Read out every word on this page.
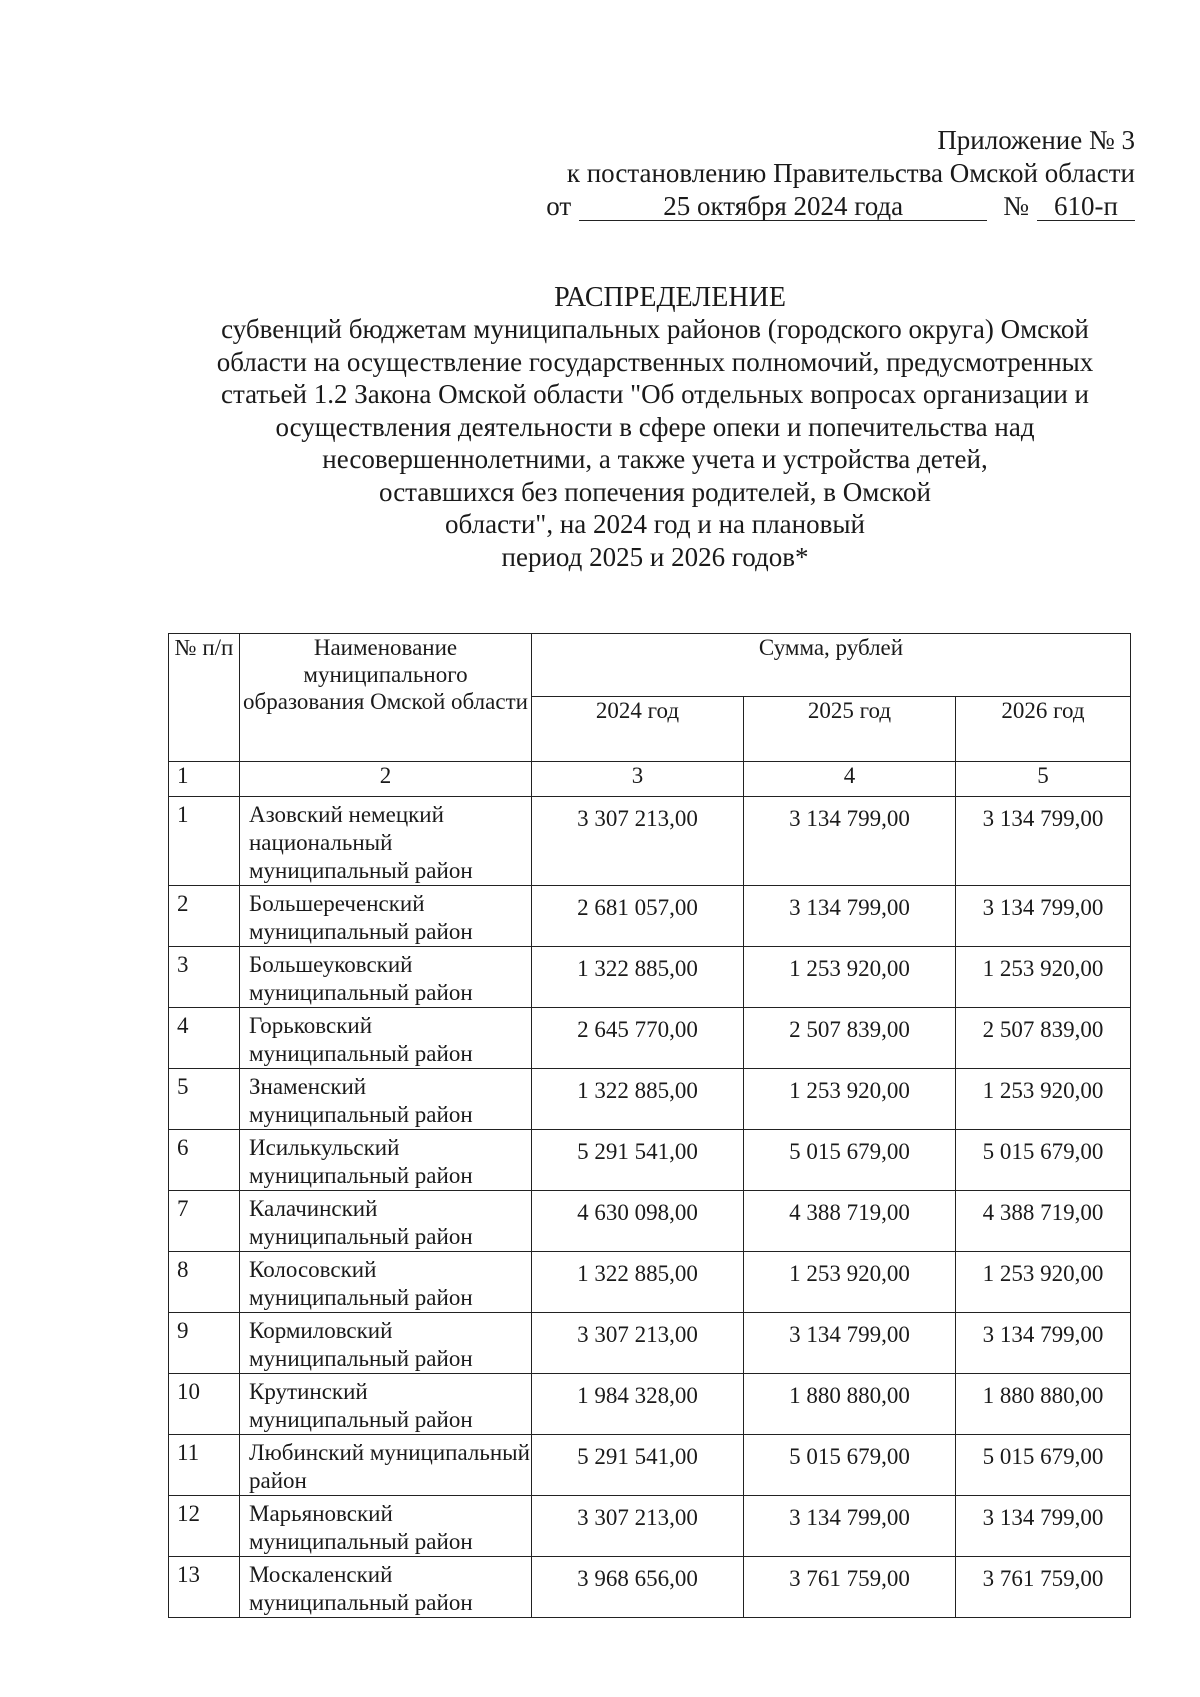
Приложение № 3
к постановлению Правительства Омской области
от	25 октября 2024 года	№ 610-п
РАСПРЕДЕЛЕНИЕ
субвенций бюджетам муниципальных районов (городского округа) Омской
области на осуществление государственных полномочий, предусмотренных
статьей 1.2 Закона Омской области "Об отдельных вопросах организации и
осуществления деятельности в сфере опеки и попечительства над
несовершеннолетними, а также учета и устройства детей,
оставшихся без попечения родителей, в Омской
области", на 2024 год и на плановый
период 2025 и 2026 годов*
№ п/п	Наименование муниципального образования Омской области	Сумма, рублей		
		2024 год	2025 год	2026 год
1	2	3	4	5
1	Азовский немецкий национальный муниципальный район	3 307 213,00	3 134 799,00	3 134 799,00
2	Большереченский муниципальный район	2 681 057,00	3 134 799,00	3 134 799,00
3	Большеуковский муниципальный район	1 322 885,00	1 253 920,00	1 253 920,00
4	Горьковский муниципальный район	2 645 770,00	2 507 839,00	2 507 839,00
5	Знаменский муниципальный район	1 322 885,00	1 253 920,00	1 253 920,00
6	Исилькульский муниципальный район	5 291 541,00	5 015 679,00	5 015 679,00
7	Калачинский муниципальный район	4 630 098,00	4 388 719,00	4 388 719,00
8	Колосовский муниципальный район	1 322 885,00	1 253 920,00	1 253 920,00
9	Кормиловский муниципальный район	3 307 213,00	3 134 799,00	3 134 799,00
10	Крутинский муниципальный район	1 984 328,00	1 880 880,00	1 880 880,00
11	Любинский муниципальный район	5 291 541,00	5 015 679,00	5 015 679,00
12	Марьяновский муниципальный район	3 307 213,00	3 134 799,00	3 134 799,00
13	Москаленский муниципальный район	3 968 656,00	3 761 759,00	3 761 759,00
